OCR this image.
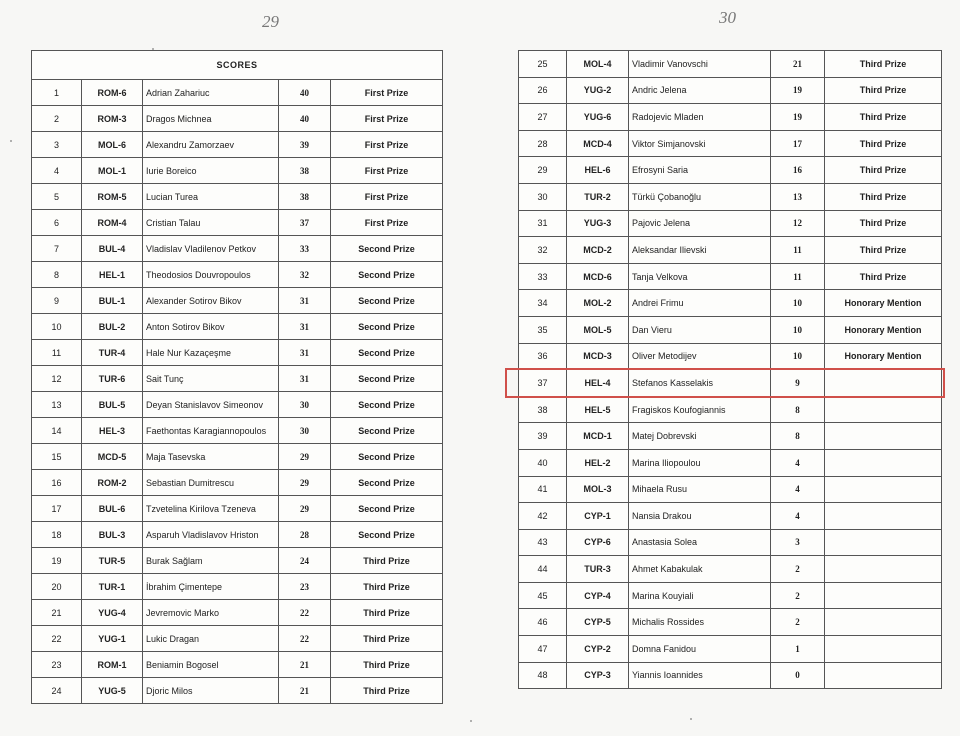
29	30
SCORES				
1	ROM-6	Adrian Zahariuc	40	First Prize
2	ROM-3	Dragos Michnea	40	First Prize
3	MOL-6	Alexandru Zamorzaev	39	First Prize
4	MOL-1	Iurie Boreico	38	First Prize
5	ROM-5	Lucian Turea	38	First Prize
6	ROM-4	Cristian Talau	37	First Prize
7	BUL-4	Vladislav Vladilenov Petkov	33	Second Prize
8	HEL-1	Theodosios Douvropoulos	32	Second Prize
9	BUL-1	Alexander Sotirov Bikov	31	Second Prize
10	BUL-2	Anton Sotirov Bikov	31	Second Prize
11	TUR-4	Hale Nur Kazaçeşme	31	Second Prize
12	TUR-6	Sait Tunç	31	Second Prize
13	BUL-5	Deyan Stanislavov Simeonov	30	Second Prize
14	HEL-3	Faethontas Karagiannopoulos	30	Second Prize
15	MCD-5	Maja Tasevska	29	Second Prize
16	ROM-2	Sebastian Dumitrescu	29	Second Prize
17	BUL-6	Tzvetelina Kirilova Tzeneva	29	Second Prize
18	BUL-3	Asparuh Vladislavov Hriston	28	Second Prize
19	TUR-5	Burak Sağlam	24	Third Prize
20	TUR-1	İbrahim Çimentepe	23	Third Prize
21	YUG-4	Jevremovic Marko	22	Third Prize
22	YUG-1	Lukic Dragan	22	Third Prize
23	ROM-1	Beniamin Bogosel	21	Third Prize
24	YUG-5	Djoric Milos	21	Third Prize
25	MOL-4	Vladimir Vanovschi	21	Third Prize
26	YUG-2	Andric Jelena	19	Third Prize
27	YUG-6	Radojevic Mladen	19	Third Prize
28	MCD-4	Viktor Simjanovski	17	Third Prize
29	HEL-6	Efrosyni Saria	16	Third Prize
30	TUR-2	Türkü Çobanoğlu	13	Third Prize
31	YUG-3	Pajovic Jelena	12	Third Prize
32	MCD-2	Aleksandar Ilievski	11	Third Prize
33	MCD-6	Tanja Velkova	11	Third Prize
34	MOL-2	Andrei Frimu	10	Honorary Mention
35	MOL-5	Dan Vieru	10	Honorary Mention
36	MCD-3	Oliver Metodijev	10	Honorary Mention
37	HEL-4	Stefanos Kasselakis	9	
38	HEL-5	Fragiskos Koufogiannis	8	
39	MCD-1	Matej Dobrevski	8	
40	HEL-2	Marina Iliopoulou	4	
41	MOL-3	Mihaela Rusu	4	
42	CYP-1	Nansia Drakou	4	
43	CYP-6	Anastasia Solea	3	
44	TUR-3	Ahmet Kabakulak	2	
45	CYP-4	Marina Kouyiali	2	
46	CYP-5	Michalis Rossides	2	
47	CYP-2	Domna Fanidou	1	
48	CYP-3	Yiannis Ioannides	0	
